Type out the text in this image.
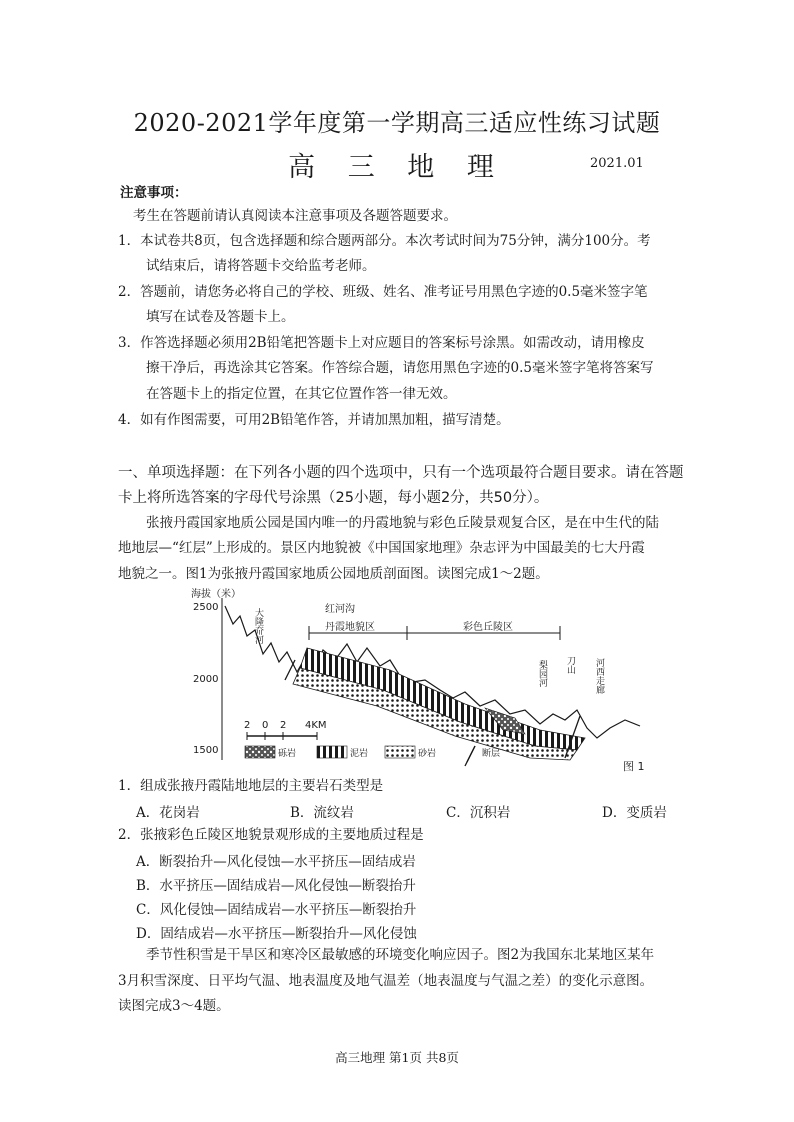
2020-2021学年度第一学期高三适应性练习试题
高 三 地 理	2021.01
注意事项：
考生在答题前请认真阅读本注意事项及各题答题要求。
1．本试卷共8页，包含选择题和综合题两部分。本次考试时间为75分钟，满分100分。考
试结束后，请将答题卡交给监考老师。
2．答题前，请您务必将自己的学校、班级、姓名、准考证号用黑色字迹的0.5毫米签字笔
填写在试卷及答题卡上。
3．作答选择题必须用2B铅笔把答题卡上对应题目的答案标号涂黑。如需改动，请用橡皮
擦干净后，再选涂其它答案。作答综合题，请您用黑色字迹的0.5毫米签字笔将答案写
在答题卡上的指定位置，在其它位置作答一律无效。
4．如有作图需要，可用2B铅笔作答，并请加黑加粗，描写清楚。
一、单项选择题：在下列各小题的四个选项中，只有一个选项最符合题目要求。请在答题
卡上将所选答案的字母代号涂黑（25小题，每小题2分，共50分）。
张掖丹霞国家地质公园是国内唯一的丹霞地貌与彩色丘陵景观复合区，是在中生代的陆
地地层—“红层”上形成的。景区内地貌被《中国国家地理》杂志评为中国最美的七大丹霞
地貌之一。图1为张掖丹霞国家地质公园地质剖面图。读图完成1～2题。
海拔（米）
2500
2000
1500
大隆夼河	红河沟
丹霞地貌区	彩色丘陵区
梨园河 刀山 河西走廊
2 0 2 4KM
砾岩	泥岩	砂岩	断层
图 1
1．组成张掖丹霞陆地地层的主要岩石类型是
A．花岗岩	B．流纹岩	C．沉积岩	D．变质岩
2．张掖彩色丘陵区地貌景观形成的主要地质过程是
A．断裂抬升—风化侵蚀—水平挤压—固结成岩
B．水平挤压—固结成岩—风化侵蚀—断裂抬升
C．风化侵蚀—固结成岩—水平挤压—断裂抬升
D．固结成岩—水平挤压—断裂抬升—风化侵蚀
季节性积雪是干旱区和寒冷区最敏感的环境变化响应因子。图2为我国东北某地区某年
3月积雪深度、日平均气温、地表温度及地气温差（地表温度与气温之差）的变化示意图。
读图完成3～4题。
高三地理 第1页 共8页
